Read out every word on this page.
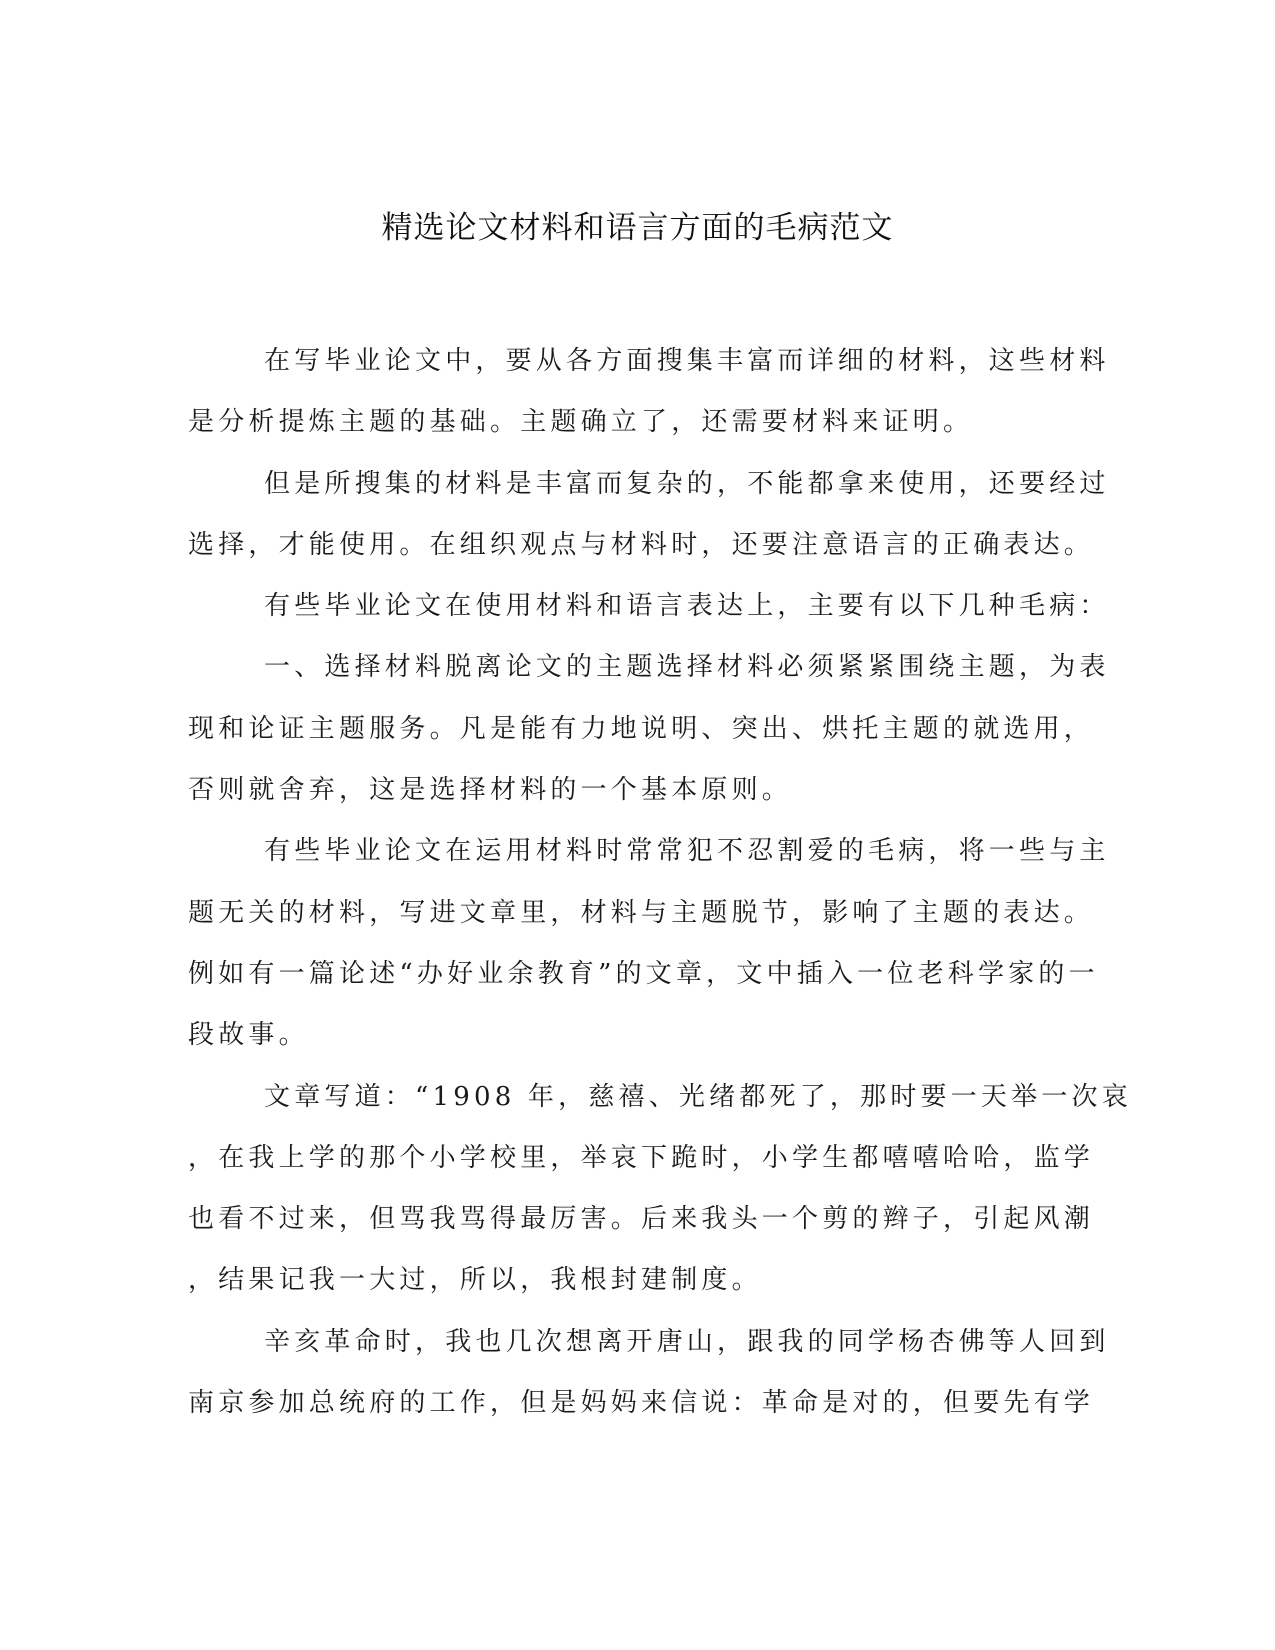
精选论文材料和语言方面的毛病范文
在写毕业论文中，要从各方面搜集丰富而详细的材料，这些材料
是分析提炼主题的基础。主题确立了，还需要材料来证明。
但是所搜集的材料是丰富而复杂的，不能都拿来使用，还要经过
选择，才能使用。在组织观点与材料时，还要注意语言的正确表达。
有些毕业论文在使用材料和语言表达上，主要有以下几种毛病：
一、选择材料脱离论文的主题选择材料必须紧紧围绕主题，为表
现和论证主题服务。凡是能有力地说明、突出、烘托主题的就选用，
否则就舍弃，这是选择材料的一个基本原则。
有些毕业论文在运用材料时常常犯不忍割爱的毛病，将一些与主
题无关的材料，写进文章里，材料与主题脱节，影响了主题的表达。
例如有一篇论述“办好业余教育”的文章，文中插入一位老科学家的一
段故事。
文章写道：“1908 年，慈禧、光绪都死了，那时要一天举一次哀
，在我上学的那个小学校里，举哀下跪时，小学生都嘻嘻哈哈，监学
也看不过来，但骂我骂得最厉害。后来我头一个剪的辫子，引起风潮
，结果记我一大过，所以，我根封建制度。
辛亥革命时，我也几次想离开唐山，跟我的同学杨杏佛等人回到
南京参加总统府的工作，但是妈妈来信说：革命是对的，但要先有学
